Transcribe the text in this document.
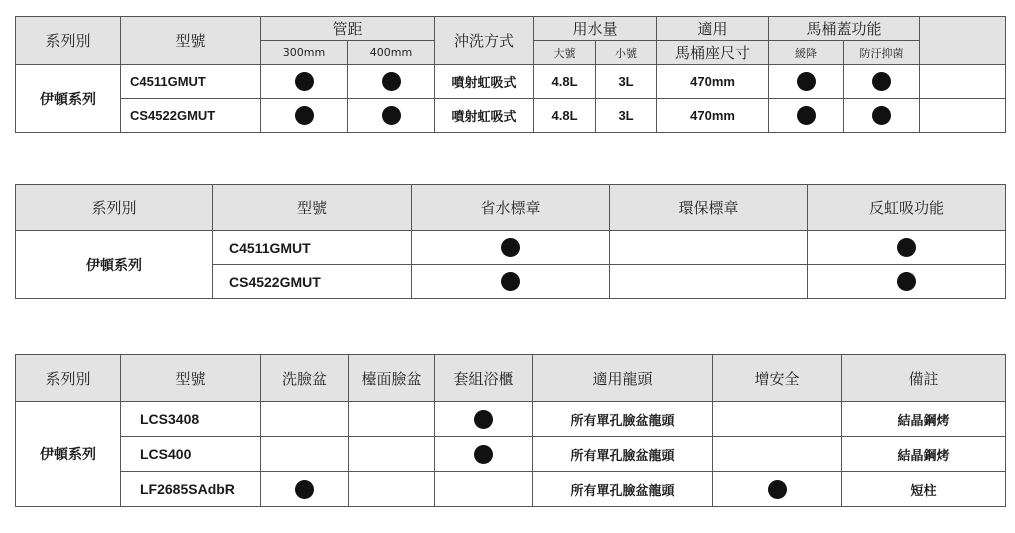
系列別	型號	管距		沖洗方式	用水量		適用	馬桶蓋功能		
		300mm	400mm		大號	小號	馬桶座尺寸	緩降	防汙抑菌	
伊頓系列	C4511GMUT			噴射虹吸式	4.8L	3L	470mm			
	CS4522GMUT			噴射虹吸式	4.8L	3L	470mm			
系列別	型號	省水標章	環保標章	反虹吸功能
伊頓系列	C4511GMUT			
	CS4522GMUT			
系列別	型號	洗臉盆	檯面臉盆	套組浴櫃	適用龍頭	增安全	備註
伊頓系列	LCS3408				所有單孔臉盆龍頭		結晶鋼烤
	LCS400				所有單孔臉盆龍頭		結晶鋼烤
	LF2685SAdbR				所有單孔臉盆龍頭		短柱
